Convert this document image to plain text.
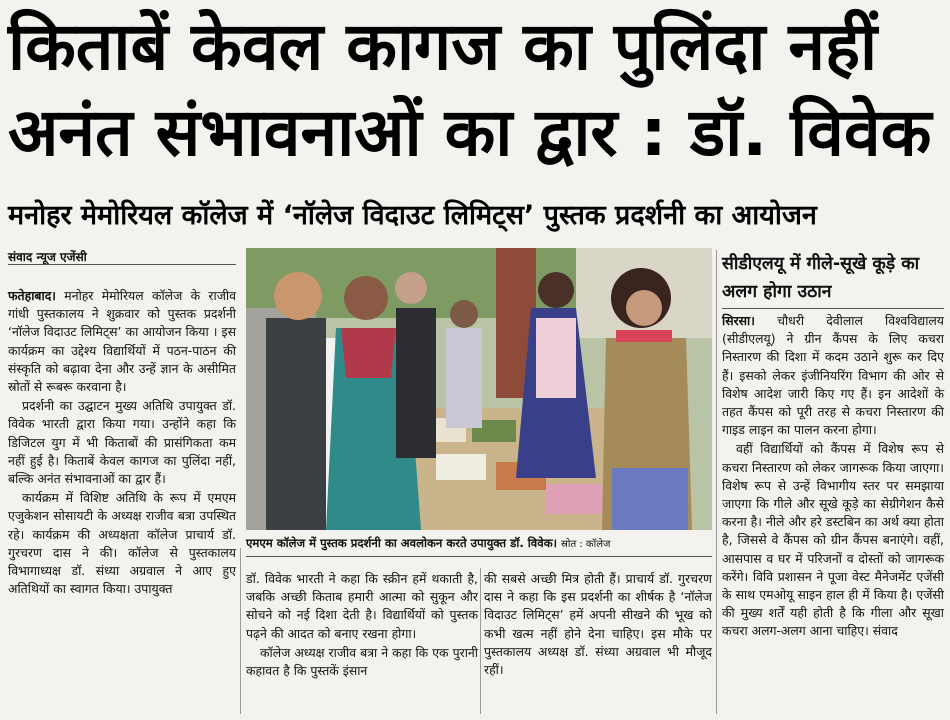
किताबें केवल कागज का पुलिंदा नहीं
अनंत संभावनाओं का द्वार : डॉ. विवेक
मनोहर मेमोरियल कॉलेज में ‘नॉलेज विदाउट लिमिट्स’ पुस्तक प्रदर्शनी का आयोजन
संवाद न्यूज एजेंसी

फतेहाबाद। मनोहर मेमोरियल कॉलेज के राजीव गांधी पुस्तकालय ने शुक्रवार को पुस्तक प्रदर्शनी ‘नॉलेज विदाउट लिमिट्स’ का आयोजन किया । इस कार्यक्रम का उद्देश्य विद्यार्थियों में पठन-पाठन की संस्कृति को बढ़ावा देना और उन्हें ज्ञान के असीमित स्रोतों से रूबरू करवाना है।

प्रदर्शनी का उद्घाटन मुख्य अतिथि उपायुक्त डॉ. विवेक भारती द्वारा किया गया। उन्होंने कहा कि डिजिटल युग में भी किताबों की प्रासंगिकता कम नहीं हुई है। किताबें केवल कागज का पुलिंदा नहीं, बल्कि अनंत संभावनाओं का द्वार हैं।

कार्यक्रम में विशिष्ट अतिथि के रूप में एमएम एजुकेशन सोसायटी के अध्यक्ष राजीव बत्रा उपस्थित रहे। कार्यक्रम की अध्यक्षता कॉलेज प्राचार्य डॉ. गुरचरण दास ने की। कॉलेज से पुस्तकालय विभागाध्यक्ष डॉ. संध्या अग्रवाल ने आए हुए अतिथियों का स्वागत किया। उपायुक्त

एमएम कॉलेज में पुस्तक प्रदर्शनी का अवलोकन करते उपायुक्त डॉ. विवेक। स्रोत : कॉलेज

डॉ. विवेक भारती ने कहा कि स्क्रीन हमें थकाती है, जबकि अच्छी किताब हमारी आत्मा को सुकून और सोचने को नई दिशा देती है। विद्यार्थियों को पुस्तक पढ़ने की आदत को बनाए रखना होगा।

कॉलेज अध्यक्ष राजीव बत्रा ने कहा कि एक पुरानी कहावत है कि पुस्तकें इंसान

की सबसे अच्छी मित्र होती हैं। प्राचार्य डॉ. गुरचरण दास ने कहा कि इस प्रदर्शनी का शीर्षक है ‘नॉलेज विदाउट लिमिट्स’ हमें अपनी सीखने की भूख को कभी खत्म नहीं होने देना चाहिए। इस मौके पर पुस्तकालय अध्यक्ष डॉ. संध्या अग्रवाल भी मौजूद रहीं।

सीडीएलयू में गीले-सूखे कूड़े का अलग होगा उठान

सिरसा। चौधरी देवीलाल विश्वविद्यालय (सीडीएलयू) ने ग्रीन कैंपस के लिए कचरा निस्तारण की दिशा में कदम उठाने शुरू कर दिए हैं। इसको लेकर इंजीनियरिंग विभाग की ओर से विशेष आदेश जारी किए गए हैं। इन आदेशों के तहत कैंपस को पूरी तरह से कचरा निस्तारण की गाइड लाइन का पालन करना होगा।

वहीं विद्यार्थियों को कैंपस में विशेष रूप से कचरा निस्तारण को लेकर जागरूक किया जाएगा। विशेष रूप से उन्हें विभागीय स्तर पर समझाया जाएगा कि गीले और सूखे कूड़े का सेग्रीगेशन कैसे करना है। नीले और हरे डस्टबिन का अर्थ क्या होता है, जिससे वे कैंपस को ग्रीन कैंपस बनाएंगे। वहीं, आसपास व घर में परिजनों व दोस्तों को जागरूक करेंगे। विवि प्रशासन ने पूजा वेस्ट मैनेजमेंट एजेंसी के साथ एमओयू साइन हाल ही में किया है। एजेंसी की मुख्य शर्तें यही होती है कि गीला और सूखा कचरा अलग-अलग आना चाहिए। संवाद
